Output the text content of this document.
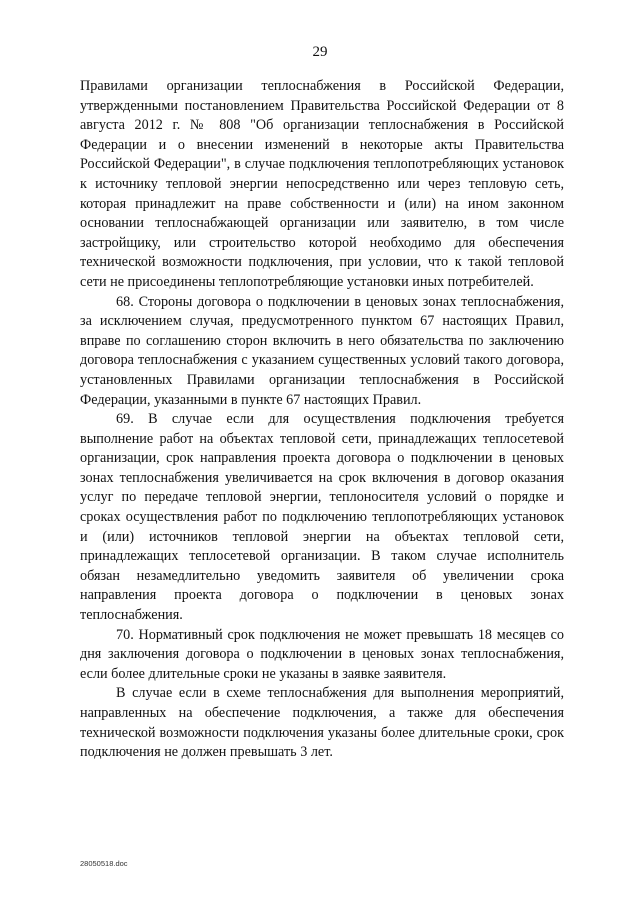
29

Правилами организации теплоснабжения в Российской Федерации, утвержденными постановлением Правительства Российской Федерации от 8 августа 2012 г. № 808 "Об организации теплоснабжения в Российской Федерации и о внесении изменений в некоторые акты Правительства Российской Федерации", в случае подключения теплопотребляющих установок к источнику тепловой энергии непосредственно или через тепловую сеть, которая принадлежит на праве собственности и (или) на ином законном основании теплоснабжающей организации или заявителю, в том числе застройщику, или строительство которой необходимо для обеспечения технической возможности подключения, при условии, что к такой тепловой сети не присоединены теплопотребляющие установки иных потребителей.

68. Стороны договора о подключении в ценовых зонах теплоснабжения, за исключением случая, предусмотренного пунктом 67 настоящих Правил, вправе по соглашению сторон включить в него обязательства по заключению договора теплоснабжения с указанием существенных условий такого договора, установленных Правилами организации теплоснабжения в Российской Федерации, указанными в пункте 67 настоящих Правил.

69. В случае если для осуществления подключения требуется выполнение работ на объектах тепловой сети, принадлежащих теплосетевой организации, срок направления проекта договора о подключении в ценовых зонах теплоснабжения увеличивается на срок включения в договор оказания услуг по передаче тепловой энергии, теплоносителя условий о порядке и сроках осуществления работ по подключению теплопотребляющих установок и (или) источников тепловой энергии на объектах тепловой сети, принадлежащих теплосетевой организации. В таком случае исполнитель обязан незамедлительно уведомить заявителя об увеличении срока направления проекта договора о подключении в ценовых зонах теплоснабжения.

70. Нормативный срок подключения не может превышать 18 месяцев со дня заключения договора о подключении в ценовых зонах теплоснабжения, если более длительные сроки не указаны в заявке заявителя.

В случае если в схеме теплоснабжения для выполнения мероприятий, направленных на обеспечение подключения, а также для обеспечения технической возможности подключения указаны более длительные сроки, срок подключения не должен превышать 3 лет.

28050518.doc
